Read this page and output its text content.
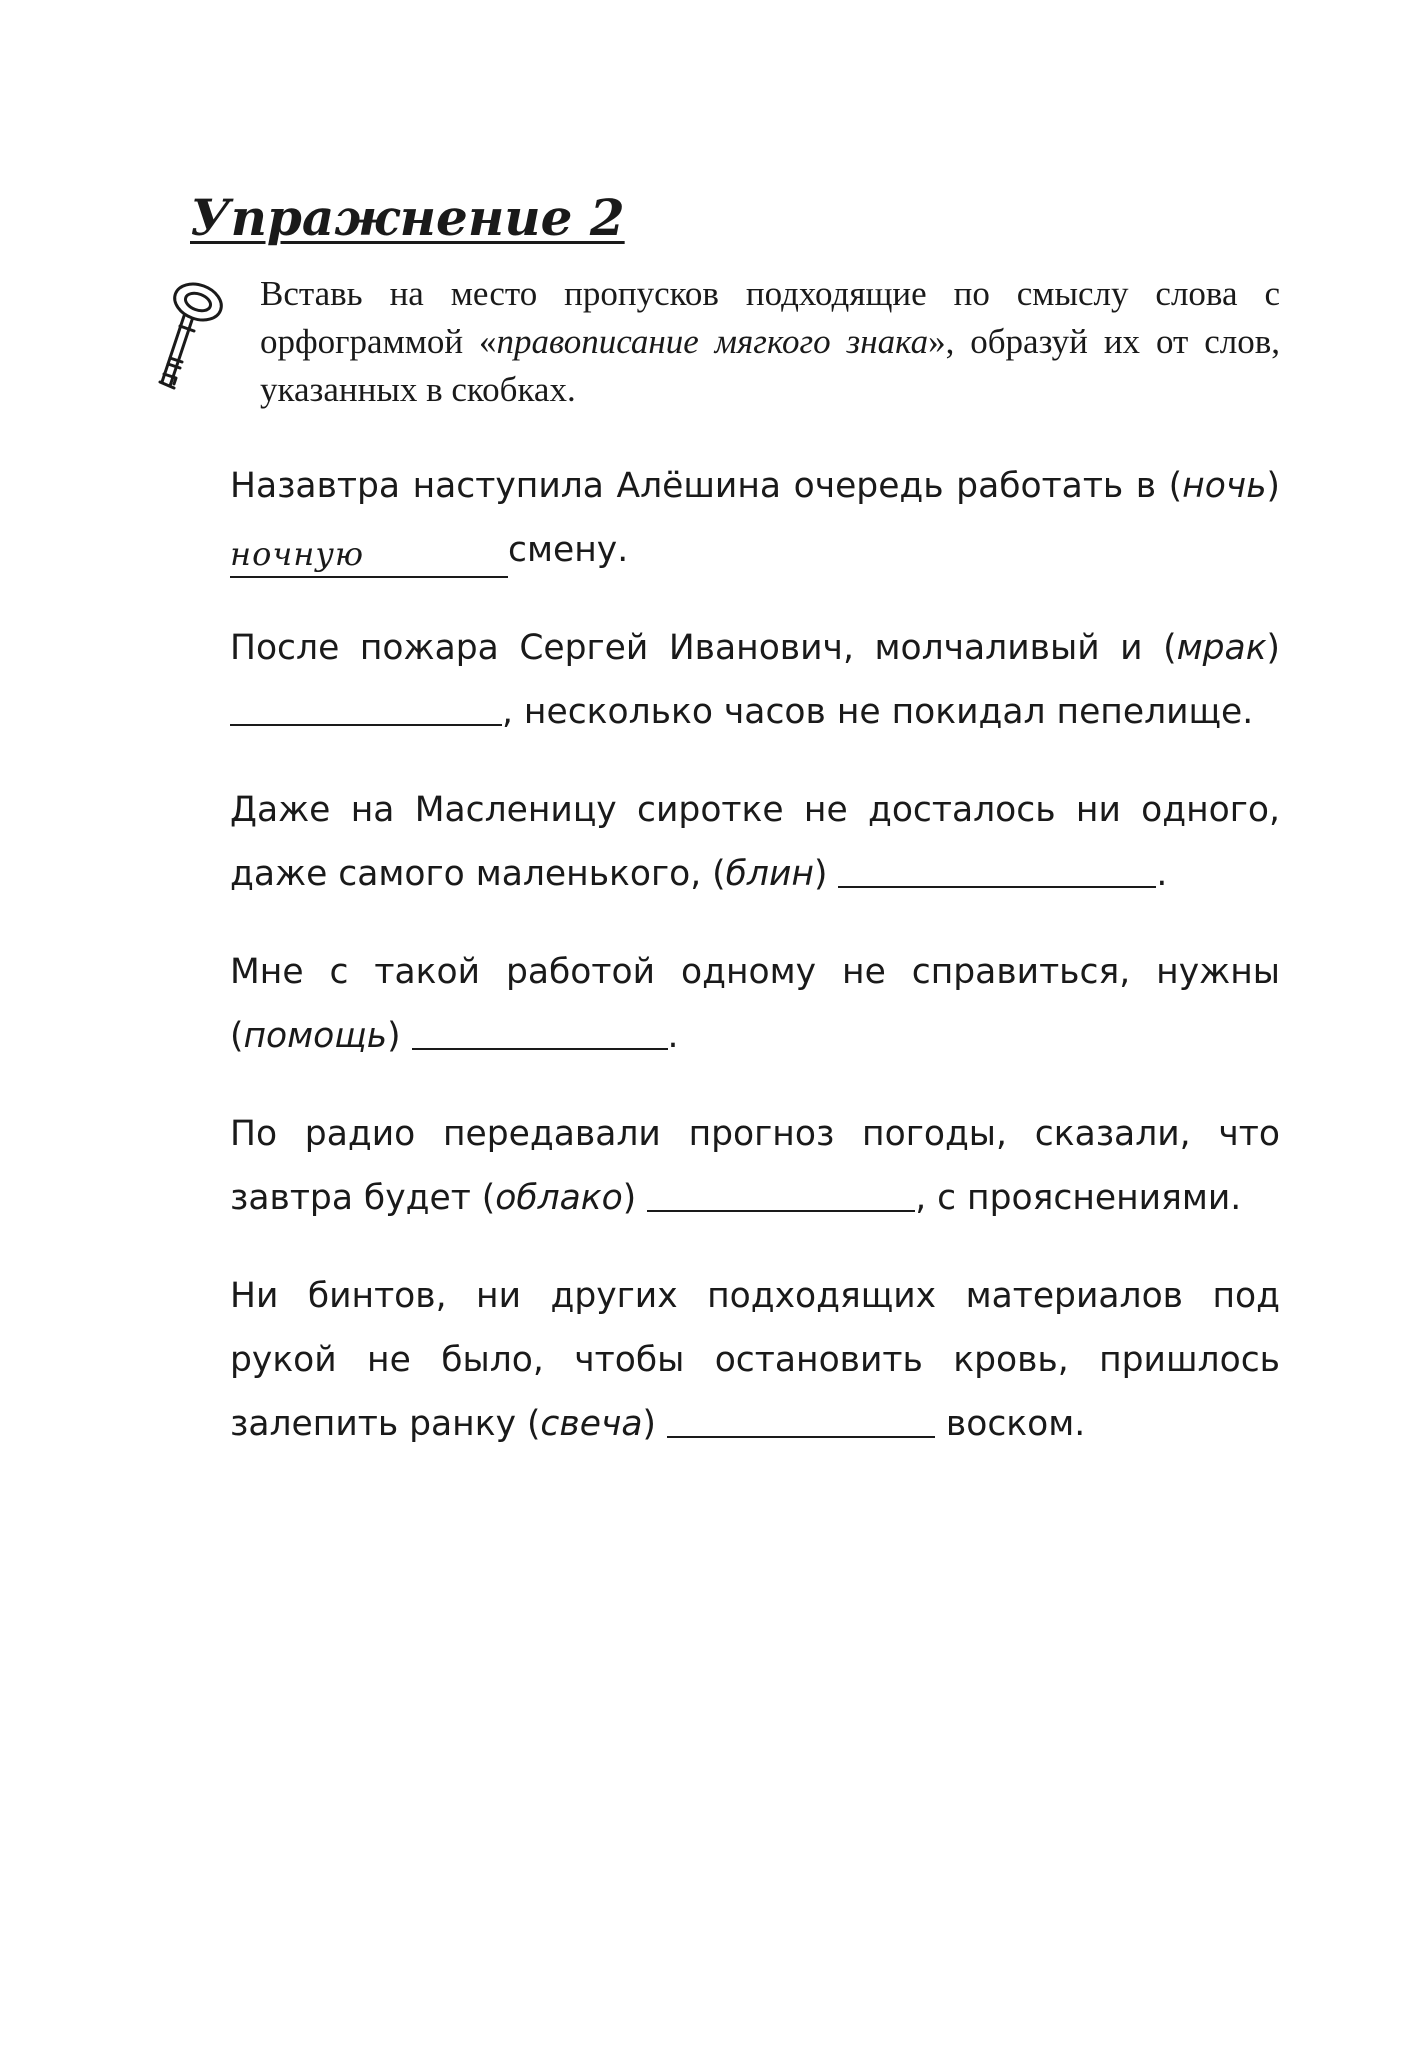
Упражнение 2

Вставь на место пропусков подходящие по смыслу слова с орфограммой «правописание мягкого знака», образуй их от слов, указанных в скобках.

Назавтра наступила Алёшина очередь работать в (ночь) ночную	смену.

После пожара Сергей Иванович, молчаливый и (мрак) , несколько часов не покидал пепелище.

Даже на Масленицу сиротке не досталось ни одного, даже самого маленького, (блин)	.

Мне с такой работой одному не справиться, нужны (помощь)	.

По радио передавали прогноз погоды, сказали, что завтра будет (облако)	, с прояснениями.

Ни бинтов, ни других подходящих материалов под рукой не было, чтобы остановить кровь, пришлось залепить ранку (свеча)	воском.
